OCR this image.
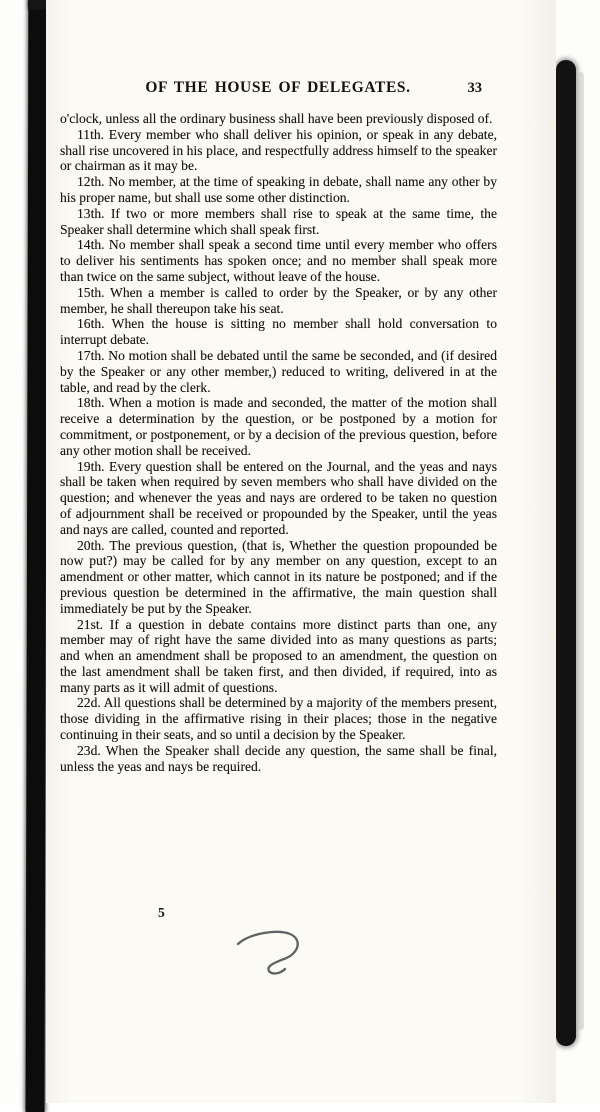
OF THE HOUSE OF DELEGATES.	33

o'clock, unless all the ordinary business shall have been previously disposed of.

11th. Every member who shall deliver his opinion, or speak in any debate, shall rise uncovered in his place, and respectfully address himself to the speaker or chairman as it may be.

12th. No member, at the time of speaking in debate, shall name any other by his proper name, but shall use some other distinction.

13th. If two or more members shall rise to speak at the same time, the Speaker shall determine which shall speak first.

14th. No member shall speak a second time until every member who offers to deliver his sentiments has spoken once; and no member shall speak more than twice on the same subject, without leave of the house.

15th. When a member is called to order by the Speaker, or by any other member, he shall thereupon take his seat.

16th. When the house is sitting no member shall hold conversation to interrupt debate.

17th. No motion shall be debated until the same be seconded, and (if desired by the Speaker or any other member,) reduced to writing, delivered in at the table, and read by the clerk.

18th. When a motion is made and seconded, the matter of the motion shall receive a determination by the question, or be postponed by a motion for commitment, or postponement, or by a decision of the previous question, before any other motion shall be received.

19th. Every question shall be entered on the Journal, and the yeas and nays shall be taken when required by seven members who shall have divided on the question; and whenever the yeas and nays are ordered to be taken no question of adjournment shall be received or propounded by the Speaker, until the yeas and nays are called, counted and reported.

20th. The previous question, (that is, Whether the question propounded be now put?) may be called for by any member on any question, except to an amendment or other matter, which cannot in its nature be postponed; and if the previous question be determined in the affirmative, the main question shall immediately be put by the Speaker.

21st. If a question in debate contains more distinct parts than one, any member may of right have the same divided into as many questions as parts; and when an amendment shall be proposed to an amendment, the question on the last amendment shall be taken first, and then divided, if required, into as many parts as it will admit of questions.

22d. All questions shall be determined by a majority of the members present, those dividing in the affirmative rising in their places; those in the negative continuing in their seats, and so until a decision by the Speaker.

23d. When the Speaker shall decide any question, the same shall be final, unless the yeas and nays be required.

5
